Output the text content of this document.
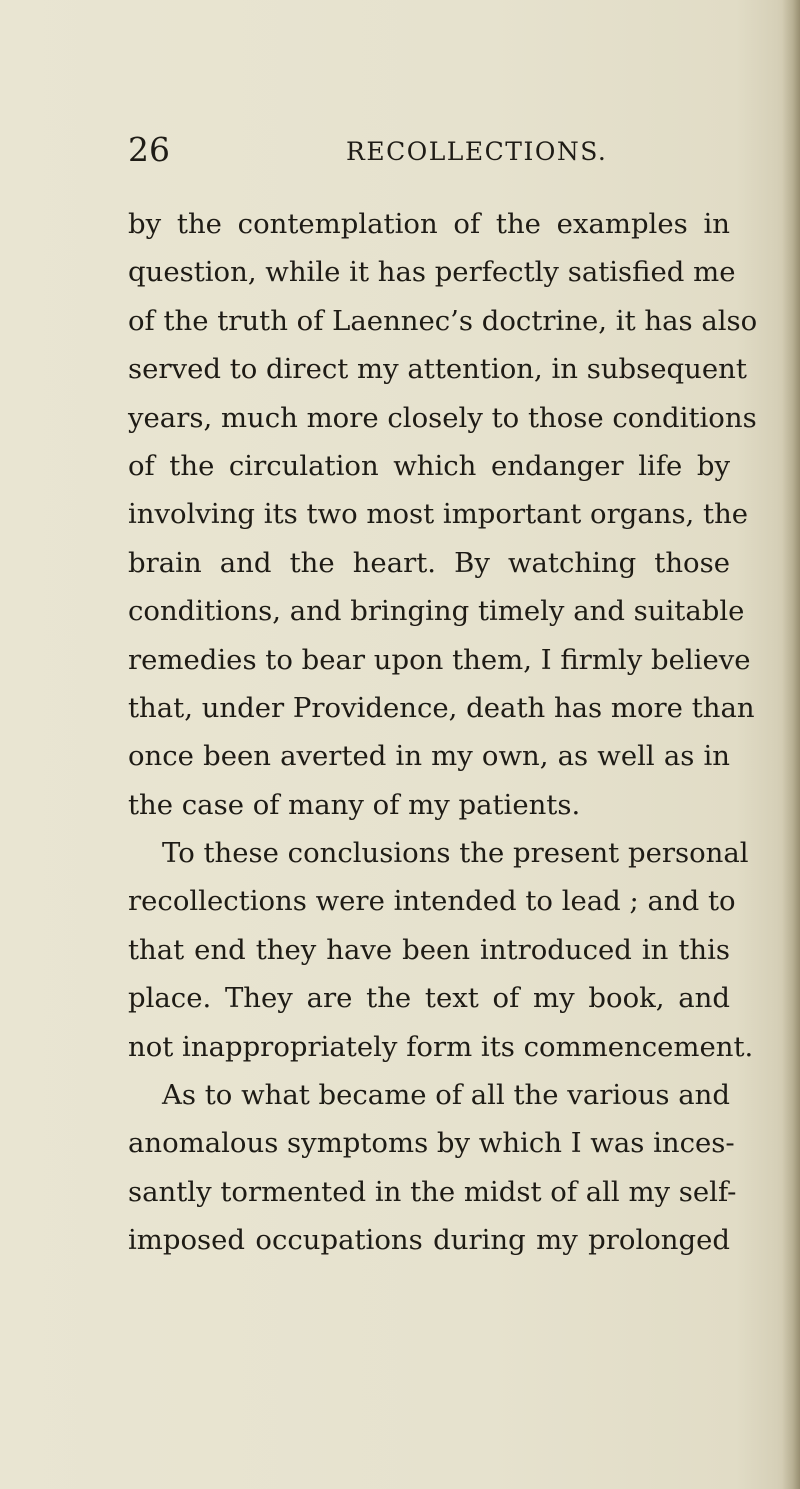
26	RECOLLECTIONS.
by the contemplation of the examples in
question, while it has perfectly satisfied me
of the truth of Laennec’s doctrine, it has also
served to direct my attention, in subsequent
years, much more closely to those conditions
of the circulation which endanger life by
involving its two most important organs, the
brain and the heart. By watching those
conditions, and bringing timely and suitable
remedies to bear upon them, I firmly believe
that, under Providence, death has more than
once been averted in my own, as well as in
the case of many of my patients.
To these conclusions the present personal
recollections were intended to lead ; and to
that end they have been introduced in this
place. They are the text of my book, and
not inappropriately form its commencement.
As to what became of all the various and
anomalous symptoms by which I was inces-
santly tormented in the midst of all my self-
imposed occupations during my prolonged
